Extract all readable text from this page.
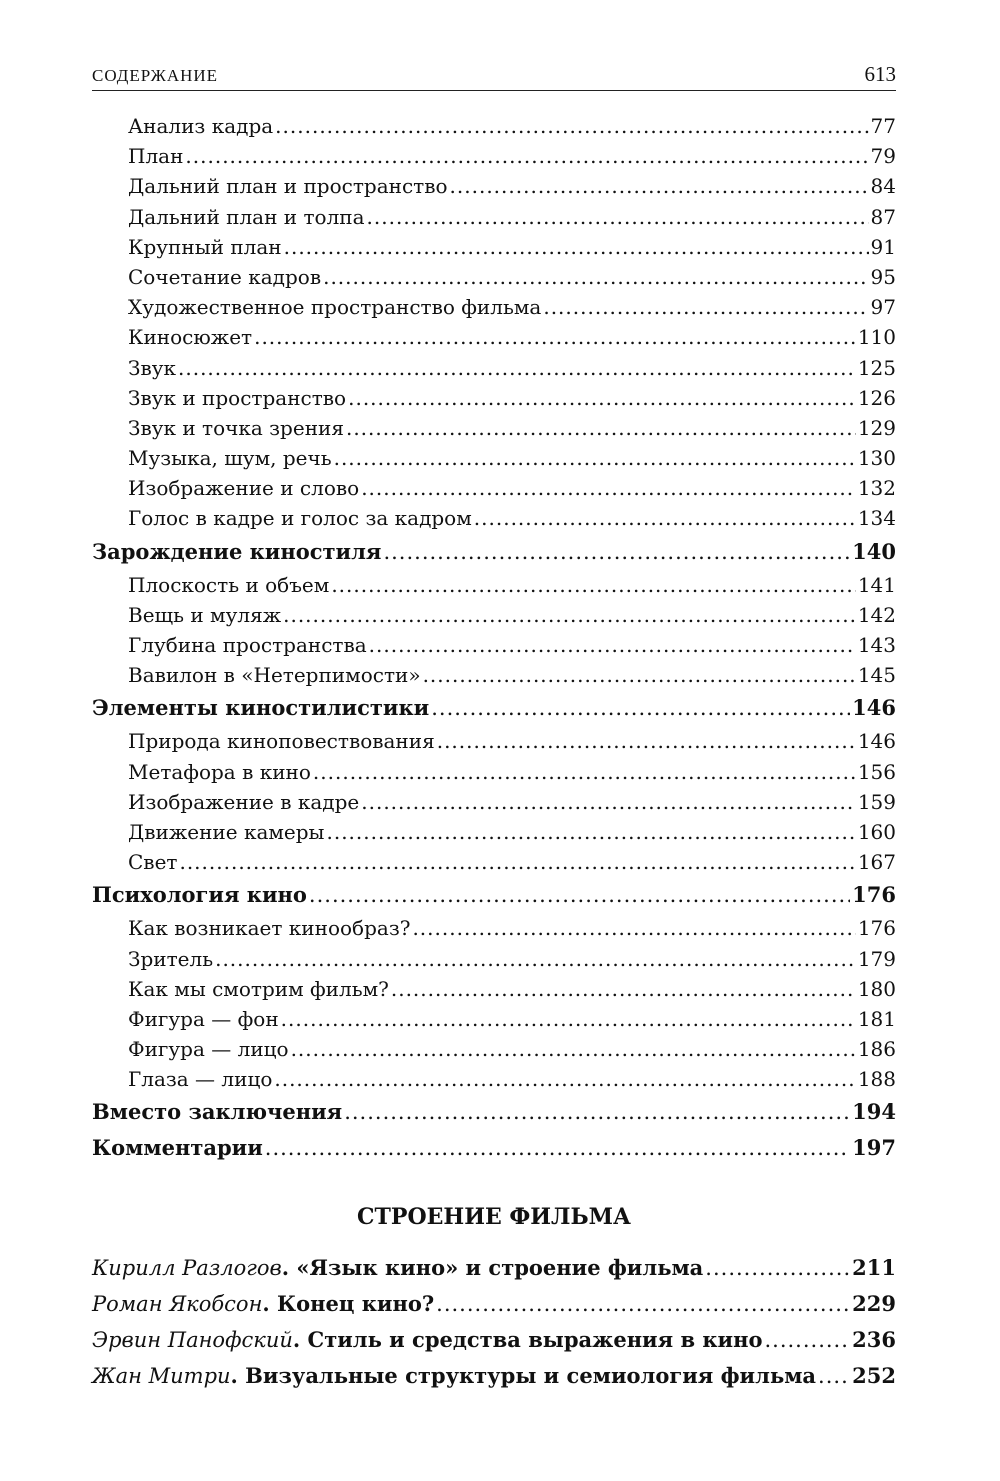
СОДЕРЖАНИЕ	613
Анализ кадра .....	77
План .....	79
Дальний план и пространство .....	84
Дальний план и толпа .....	87
Крупный план .....	91
Сочетание кадров .....	95
Художественное пространство фильма .....	97
Киносюжет .....	110
Звук .....	125
Звук и пространство .....	126
Звук и точка зрения .....	129
Музыка, шум, речь .....	130
Изображение и слово .....	132
Голос в кадре и голос за кадром .....	134
Зарождение киностиля .....	140
Плоскость и объем .....	141
Вещь и муляж .....	142
Глубина пространства .....	143
Вавилон в «Нетерпимости» .....	145
Элементы киностилистики .....	146
Природа киноповествования .....	146
Метафора в кино .....	156
Изображение в кадре .....	159
Движение камеры .....	160
Свет .....	167
Психология кино .....	176
Как возникает кинообраз? .....	176
Зритель .....	179
Как мы смотрим фильм? .....	180
Фигура — фон .....	181
Фигура — лицо .....	186
Глаза — лицо .....	188
Вместо заключения .....	194
Комментарии .....	197
СТРОЕНИЕ ФИЛЬМА
Кирилл Разлогов. «Язык кино» и строение фильма .....	211
Роман Якобсон. Конец кино? .....	229
Эрвин Панофский. Стиль и средства выражения в кино .....	236
Жан Митри. Визуальные структуры и семиология фильма ..... 252
